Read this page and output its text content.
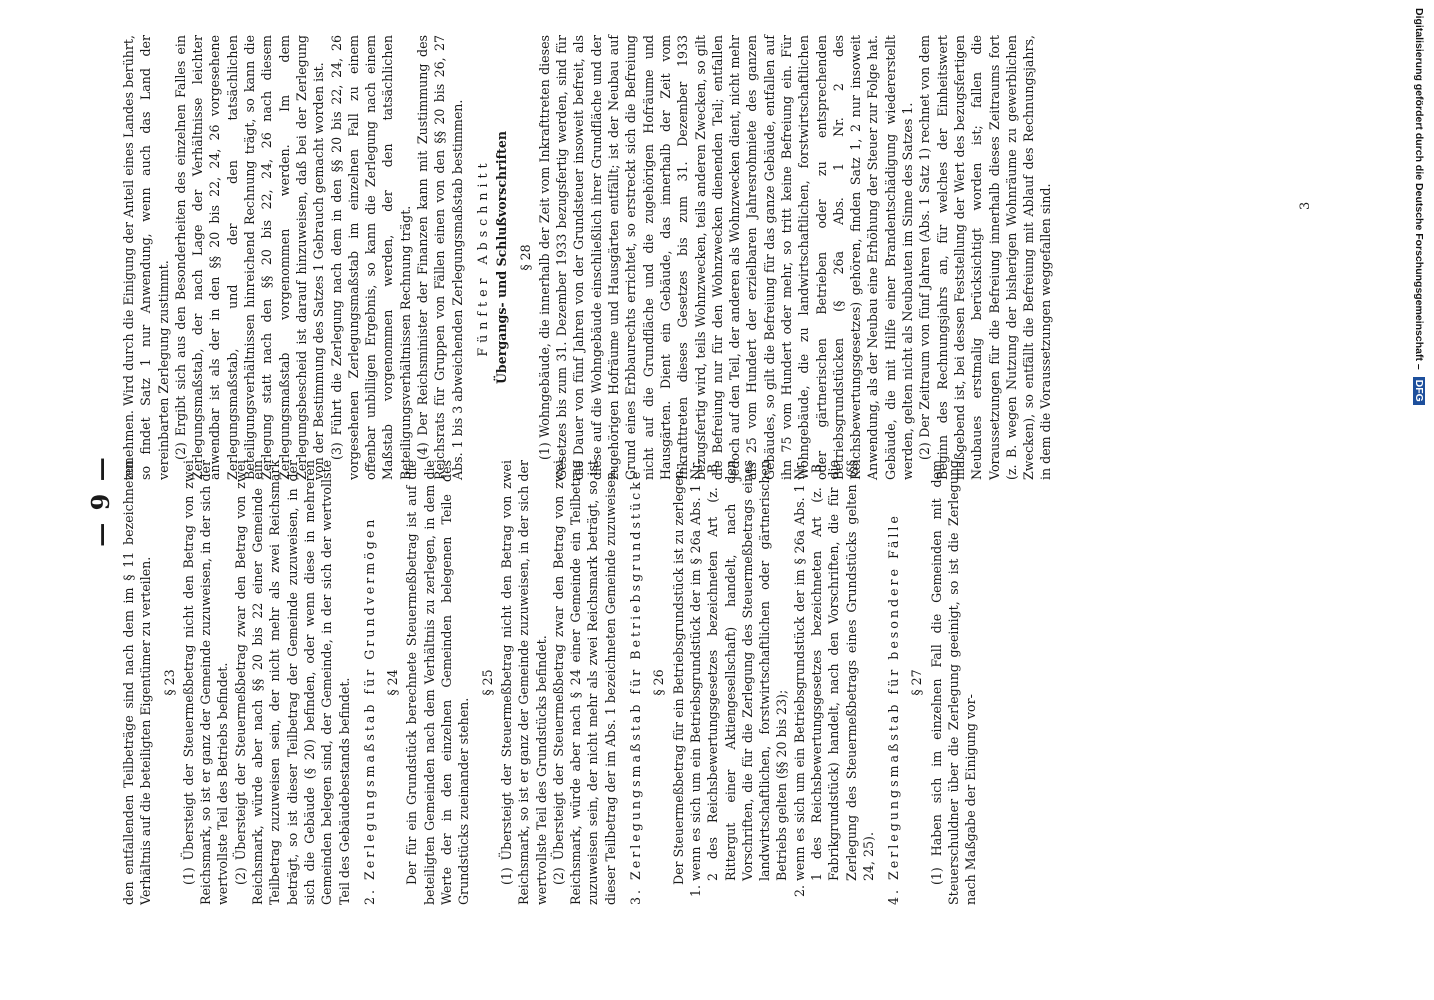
— 9 — den entfallenden Teilbeträge sind nach dem im § 11 bezeichneten Verhältnis auf die beteiligten Eigentümer zu verteilen. § 23 (1) Übersteigt der Steuermeßbetrag nicht den Betrag von zwei Reichsmark, so ist er ganz der Gemeinde zuzuweisen, in der sich der wertvollste Teil des Betriebs befindet. (2) Übersteigt der Steuermeßbetrag zwar den Betrag von zwei Reichsmark, würde aber nach §§ 20 bis 22 einer Gemeinde ein Teilbetrag zuzuweisen sein, der nicht mehr als zwei Reichsmark beträgt, so ist dieser Teilbetrag der Gemeinde zuzuweisen, in der sich die Gebäude (§ 20) befinden, oder wenn diese in mehreren Gemeinden belegen sind, der Gemeinde, in der sich der wertvollste Teil des Gebäudebestands befindet. 2. Zerlegungsmaßstab für Grundvermögen § 24 Der für ein Grundstück berechnete Steuermeßbetrag ist auf die beteiligten Gemeinden nach dem Verhältnis zu zerlegen, in dem die Werte der in den einzelnen Gemeinden belegenen Teile des Grundstücks zueinander stehen.

§ 25 (1) Übersteigt der Steuermeßbetrag nicht den Betrag von zwei Reichsmark, so ist er ganz der Gemeinde zuzuweisen, in der sich der wertvollste Teil des Grundstücks befindet. (2) Übersteigt der Steuermeßbetrag zwar den Betrag von zwei Reichsmark, würde aber nach § 24 einer Gemeinde ein Teilbetrag zuzuweisen sein, der nicht mehr als zwei Reichsmark beträgt, so ist dieser Teilbetrag der im Abs. 1 bezeichneten Gemeinde zuzuweisen. 3. Zerlegungsmaßstab für Betriebsgrundstücke § 26 Der Steuermeßbetrag für ein Betriebsgrundstück ist zu zerlegen: 1. wenn es sich um ein Betriebsgrundstück der im § 26a Abs. 1 Nr. 2 des Reichsbewertungsgesetzes bezeichneten Art (z. B. Rittergut einer Aktiengesellschaft) handelt, nach den Vorschriften, die für die Zerlegung des Steuermeßbetrags eines landwirtschaftlichen, forstwirtschaftlichen oder gärtnerischen Betriebs gelten (§§ 20 bis 23); 2. wenn es sich um ein Betriebsgrundstück der im § 26a Abs. 1 Nr. 1 des Reichsbewertungsgesetzes bezeichneten Art (z. B. Fabrikgrundstück) handelt, nach den Vorschriften, die für die Zerlegung des Steuermeßbetrags eines Grundstücks gelten (§§ 24, 25). 4. Zerlegungsmaßstab für besondere Fälle § 27 (1) Haben sich im einzelnen Fall die Gemeinden mit dem Steuerschuldner über die Zerlegung geeinigt, so ist die Zerlegung nach Maßgabe der Einigung vor-

zunehmen. Wird durch die Einigung der Anteil eines Landes berührt, so findet Satz 1 nur Anwendung, wenn auch das Land der vereinbarten Zerlegung zustimmt. (2) Ergibt sich aus den Besonderheiten des einzelnen Falles ein Zerlegungsmaßstab, der nach Lage der Verhältnisse leichter anwendbar ist als der in den §§ 20 bis 22, 24, 26 vorgesehene Zerlegungsmaßstab, und der den tatsächlichen Beteiligungsverhältnissen hinreichend Rechnung trägt, so kann die Zerlegung statt nach den §§ 20 bis 22, 24, 26 nach diesem Zerlegungsmaßstab vorgenommen werden. Im dem Zerlegungsbescheid ist darauf hinzuweisen, daß bei der Zerlegung von der Bestimmung des Satzes 1 Gebrauch gemacht worden ist. (3) Führt die Zerlegung nach dem in den §§ 20 bis 22, 24, 26 vorgesehenen Zerlegungsmaßstab im einzelnen Fall zu einem offenbar unbilligen Ergebnis, so kann die Zerlegung nach einem Maßstab vorgenommen werden, der den tatsächlichen Beteiligungsverhältnissen Rechnung trägt. (4) Der Reichsminister der Finanzen kann mit Zustimmung des Reichsrats für Gruppen von Fällen einen von den §§ 20 bis 26, 27 Abs. 1 bis 3 abweichenden Zerlegungsmaßstab bestimmen. Fünfter Abschnitt Übergangs- und Schlußvorschriften § 28 (1) Wohngebäude, die innerhalb der Zeit vom Inkrafttreten dieses Gesetzes bis zum 31. Dezember 1933 bezugsfertig werden, sind für die Dauer von fünf Jahren von der Grundsteuer insoweit befreit, als diese auf die Wohngebäude einschließlich ihrer Grundfläche und der zugehörigen Hofräume und Hausgärten entfällt; ist der Neubau auf Grund eines Erbbaurechts errichtet, so erstreckt sich die Befreiung nicht auf die Grundfläche und die zugehörigen Hofräume und Hausgärten. Dient ein Gebäude, das innerhalb der Zeit vom Inkrafttreten dieses Gesetzes bis zum 31. Dezember 1933 bezugsfertig wird, teils Wohnzwecken, teils anderen Zwecken, so gilt die Befreiung nur für den Wohnzwecken dienenden Teil; entfallen jedoch auf den Teil, der anderen als Wohnzwecken dient, nicht mehr als 25 vom Hundert der erzielbaren Jahresrohmiete des ganzen Gebäudes, so gilt die Befreiung für das ganze Gebäude, entfallen auf ihn 75 vom Hundert oder mehr, so tritt keine Befreiung ein. Für Wohngebäude, die zu landwirtschaftlichen, forstwirtschaftlichen oder gärtnerischen Betrieben oder zu entsprechenden Betriebsgrundstücken (§ 26a Abs. 1 Nr. 2 des Reichsbewertungsgesetzes) gehören, finden Satz 1, 2 nur insoweit Anwendung, als der Neubau eine Erhöhung der Steuer zur Folge hat. Gebäude, die mit Hilfe einer Brandentschädigung wiedererstellt werden, gelten nicht als Neubauten im Sinne des Satzes 1. (2) Der Zeitraum von fünf Jahren (Abs. 1 Satz 1) rechnet von dem Beginn des Rechnungsjahrs an, für welches der Einheitswert maßgebend ist, bei dessen Feststellung der Wert des bezugsfertigen Neubaues erstmalig berücksichtigt worden ist; fallen die Voraussetzungen für die Befreiung innerhalb dieses Zeitraums fort (z. B. wegen Nutzung der bisherigen Wohnräume zu gewerblichen Zwecken), so entfällt die Befreiung mit Ablauf des Rechnungsjahrs, in dem die Voraussetzungen weggefallen sind.	3	Digitalisierung gefördert durch die Deutsche Forschungsgemeinschaft – DFG
